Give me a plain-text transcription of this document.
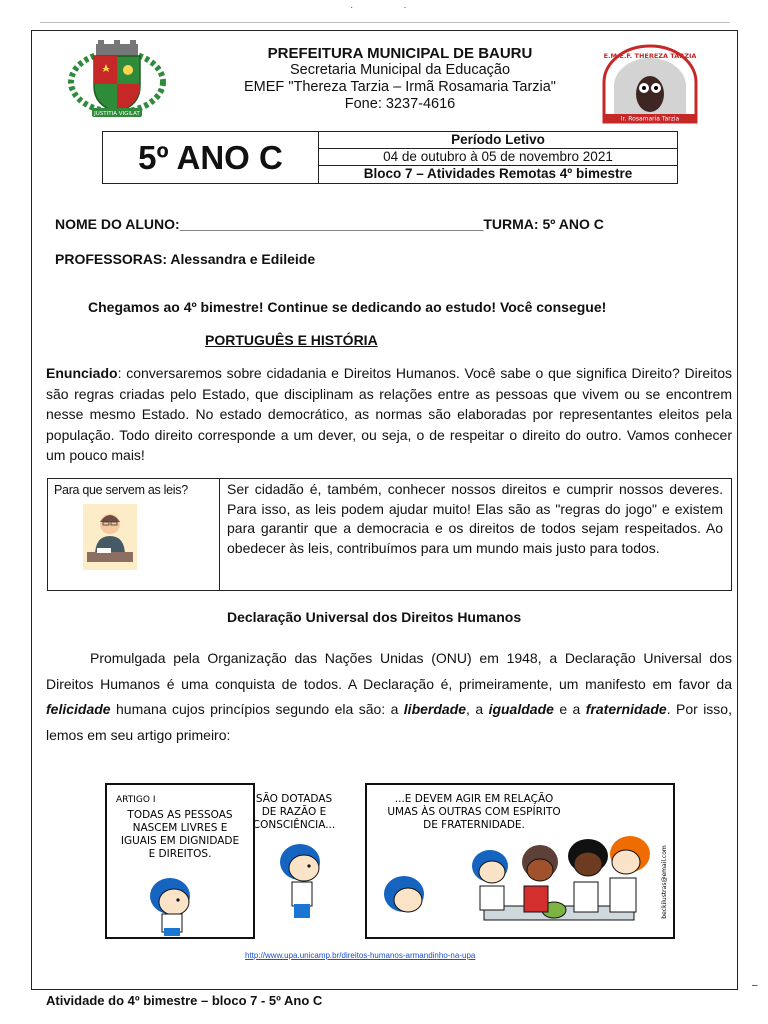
··
JUSTITIA VIGILAT
PREFEITURA MUNICIPAL DE BAURU
Secretaria Municipal da Educação
EMEF "Thereza Tarzia – Irmã Rosamaria Tarzia"
Fone: 3237-4616
E.M.E.F. THEREZA TARZIA
Ir. Rosamaria Tarzia
5º ANO C	Período Letivo
04 de outubro à 05 de novembro 2021
Bloco 7 – Atividades Remotas 4º bimestre
NOME DO ALUNO:_______________________________________TURMA: 5º ANO C
PROFESSORAS: Alessandra e Edileide
Chegamos ao 4º bimestre! Continue se dedicando ao estudo! Você consegue!
PORTUGUÊS E HISTÓRIA
Enunciado: conversaremos sobre cidadania e Direitos Humanos. Você sabe o que significa Direito? Direitos são regras criadas pelo Estado, que disciplinam as relações entre as pessoas que vivem ou se encontrem nesse mesmo Estado. No estado democrático, as normas são elaboradas por representantes eleitos pela população. Todo direito corresponde a um dever, ou seja, o de respeitar o direito do outro. Vamos conhecer um pouco mais!
Para que servem as leis?	Ser cidadão é, também, conhecer nossos direitos e cumprir nossos deveres. Para isso, as leis podem ajudar muito! Elas são as "regras do jogo" e existem para garantir que a democracia e os direitos de todos sejam respeitados. Ao obedecer às leis, contribuímos para um mundo mais justo para todos.
Declaração Universal dos Direitos Humanos
Promulgada pela Organização das Nações Unidas (ONU) em 1948, a Declaração Universal dos Direitos Humanos é uma conquista de todos. A Declaração é, primeiramente, um manifesto em favor da felicidade humana cujos princípios segundo ela são: a liberdade, a igualdade e a fraternidade. Por isso, lemos em seu artigo primeiro:
ARTIGO I
TODAS AS PESSOAS
NASCEM LIVRES E
IGUAIS EM DIGNIDADE
E DIREITOS.
SÃO DOTADAS
DE RAZÃO E
CONSCIÊNCIA...
...E DEVEM AGIR EM RELAÇÃO
UMAS ÀS OUTRAS COM ESPÍRITO
DE FRATERNIDADE.
beckilustras@email.com
http://www.upa.unicamp.br/direitos-humanos-armandinho-na-upa
Atividade do 4º bimestre – bloco 7 - 5º Ano C
–
